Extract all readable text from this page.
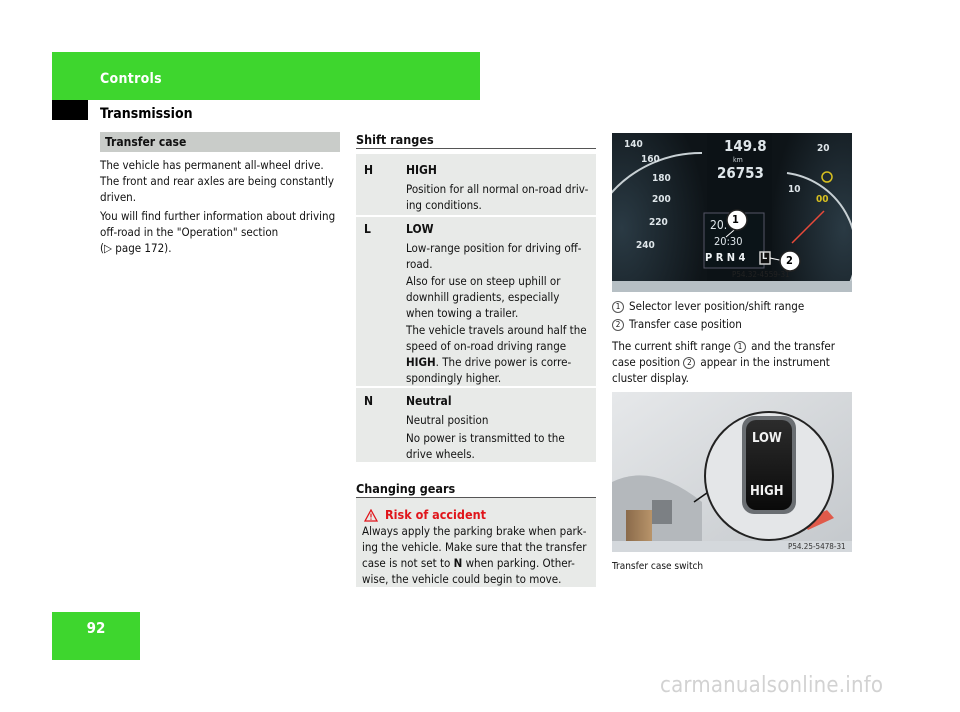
Controls
Transmission
92
Transfer case
The vehicle has permanent all-wheel drive.
The front and rear axles are being constantly
driven.
You will find further information about driving
off-road in the "Operation" section
(▷ page 172).
Shift ranges
H	HIGH
Position for all normal on-road driv-
ing conditions.
L	LOW
Low-range position for driving off-
road.
Also for use on steep uphill or
downhill gradients, especially
when towing a trailer.
The vehicle travels around half the
speed of on-road driving range
HIGH. The drive power is corre-
spondingly higher.
N	Neutral
Neutral position
No power is transmitted to the
drive wheels.
Changing gears
Risk of accident
Always apply the parking brake when park-
ing the vehicle. Make sure that the transfer
case is not set to N when parking. Other-
wise, the vehicle could begin to move.
P54.32-4559-31
149.8
km
26753
20.
20:30
P R N 4 L
1
2
140
160
180
200
220
240
20
10
00
1 Selector lever position/shift range
2 Transfer case position
The current shift range 1 and the transfer
case position 2 appear in the instrument
cluster display.
LOW
HIGH
P54.25-5478-31
Transfer case switch
carmanualsonline.info
